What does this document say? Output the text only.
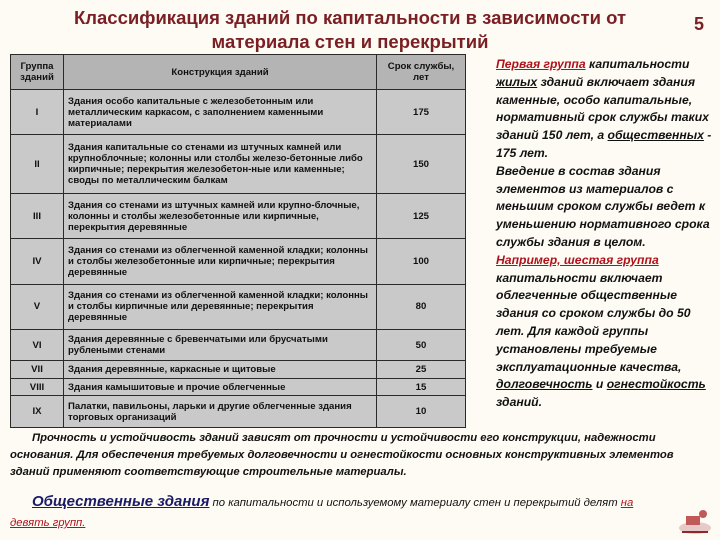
Классификация зданий по капитальности в зависимости от материала стен и перекрытий
5
Группа зданий	Конструкция зданий	Срок службы, лет
I	Здания особо капитальные с железобетонным или металлическим каркасом, с заполнением каменными материалами	175
II	Здания капитальные со стенами из штучных камней или крупноблочные; колонны или столбы железо-бетонные либо кирпичные; перекрытия железобетон-ные или каменные; своды по металлическим балкам	150
III	Здания со стенами из штучных камней или крупно-блочные, колонны и столбы железобетонные или кирпичные, перекрытия деревянные	125
IV	Здания со стенами из облегченной каменной кладки; колонны и столбы железобетонные или кирпичные; перекрытия деревянные	100
V	Здания со стенами из облегченной каменной кладки; колонны и столбы кирпичные или деревянные; перекрытия деревянные	80
VI	Здания деревянные с бревенчатыми или брусчатыми рублеными стенами	50
VII	Здания деревянные, каркасные и щитовые	25
VIII	Здания камышитовые и прочие облегченные	15
IX	Палатки, павильоны, ларьки и другие облегченные здания торговых организаций	10

Первая группа капитальности жилых зданий включает здания каменные, особо капитальные, нормативный срок службы таких зданий 150 лет, а общественных - 175 лет.

Введение в состав здания элементов из материалов с меньшим сроком службы ведет к уменьшению нормативного срока службы здания в целом.

Например, шестая группа капитальности включает облегченные общественные здания со сроком службы до 50 лет. Для каждой группы установлены требуемые эксплуатационные качества, долговечность и огнестойкость зданий.

Прочность и устойчивость зданий зависят от прочности и устойчивости его конструкции, надежности основания. Для обеспечения требуемых долговечности и огнестойкости основных конструктивных элементов зданий применяют соответствующие строительные материалы.
Общественные здания по капитальности и используемому материалу стен и перекрытий делят на девять групп.
